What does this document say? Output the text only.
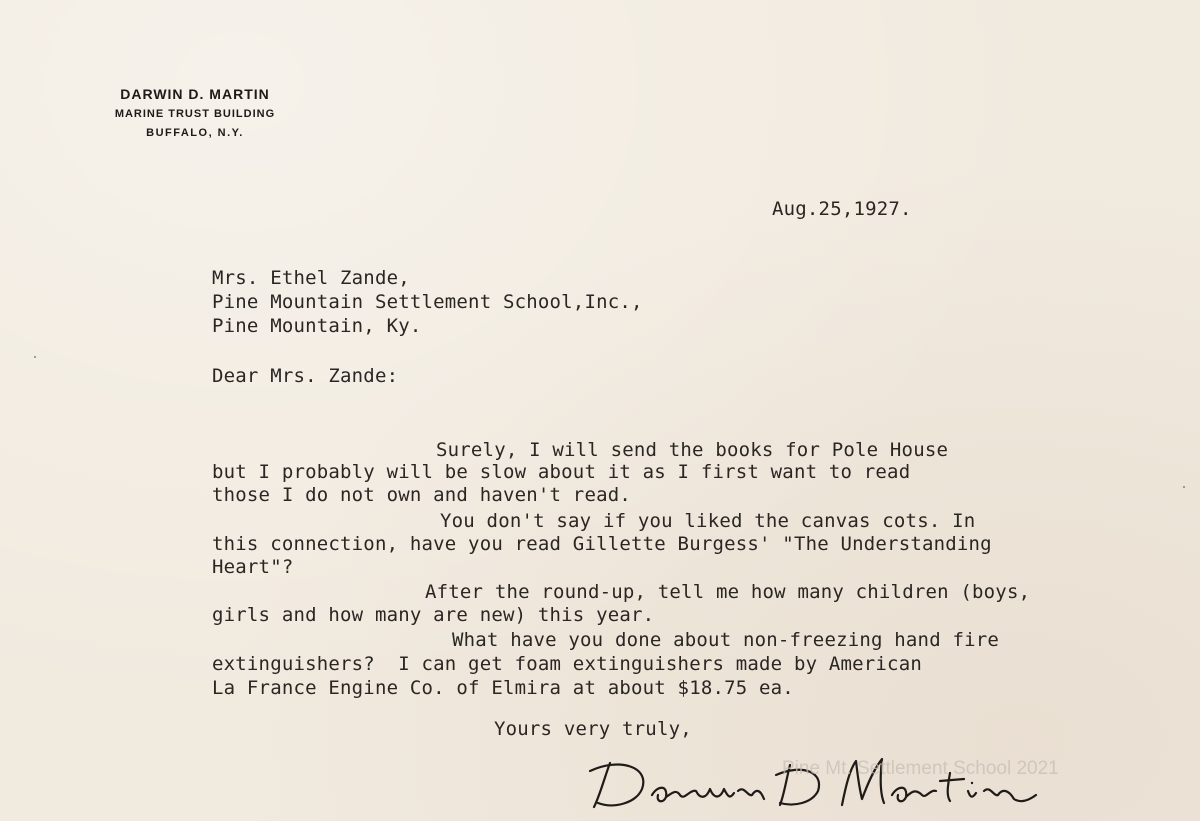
DARWIN D. MARTIN
MARINE TRUST BUILDING
BUFFALO, N.Y.
Aug.25,1927.
Mrs. Ethel Zande,
Pine Mountain Settlement School,Inc.,
Pine Mountain, Ky.
Dear Mrs. Zande:
Surely, I will send the books for Pole House
but I probably will be slow about it as I first want to read
those I do not own and haven't read.
You don't say if you liked the canvas cots. In
this connection, have you read Gillette Burgess' "The Understanding
Heart"?
After the round-up, tell me how many children (boys,
girls and how many are new) this year.
What have you done about non-freezing hand fire
extinguishers?  I can get foam extinguishers made by American
La France Engine Co. of Elmira at about $18.75 ea.
Yours very truly,
Pine Mt. Settlement School 2021
